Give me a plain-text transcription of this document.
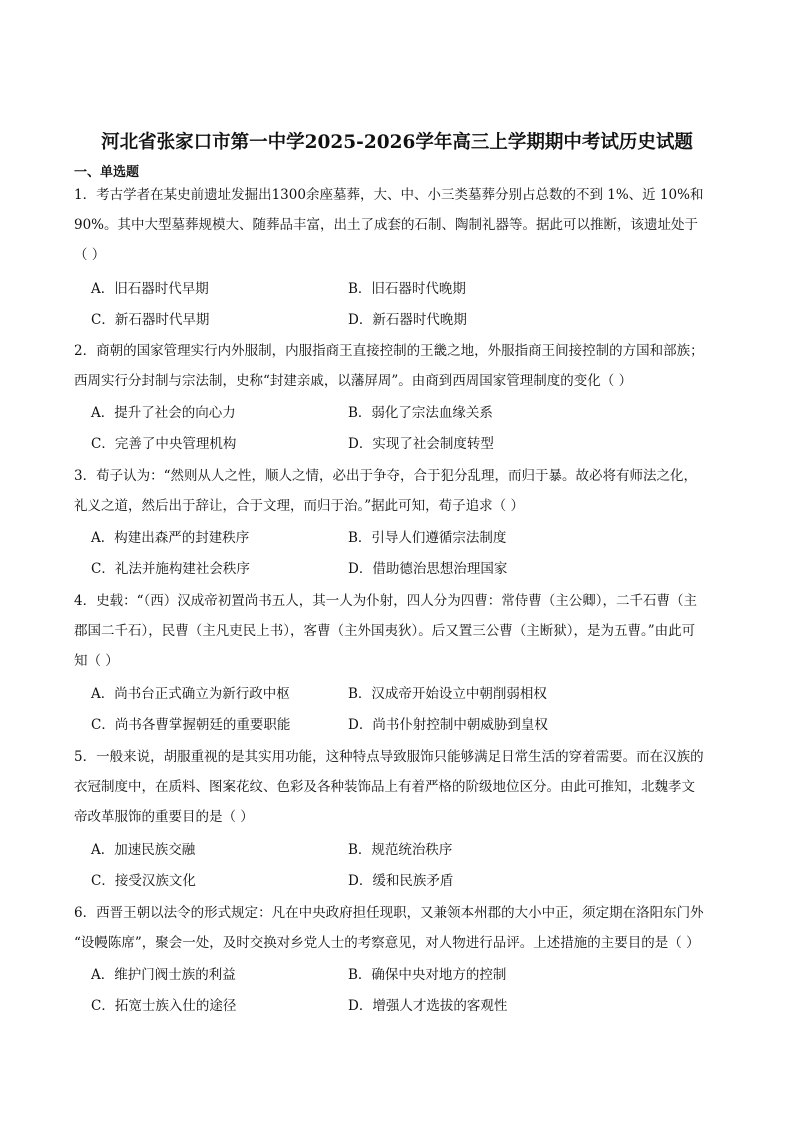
河北省张家口市第一中学2025-2026学年高三上学期期中考试历史试题
一、单选题
1．考古学者在某史前遗址发掘出1300余座墓葬，大、中、小三类墓葬分别占总数的不到 1%、近 10%和
90%。其中大型墓葬规模大、随葬品丰富，出土了成套的石制、陶制礼器等。据此可以推断，该遗址处于
（ ）
A．旧石器时代早期	B．旧石器时代晚期
C．新石器时代早期	D．新石器时代晚期
2．商朝的国家管理实行内外服制，内服指商王直接控制的王畿之地，外服指商王间接控制的方国和部族；
西周实行分封制与宗法制，史称“封建亲戚，以藩屏周”。由商到西周国家管理制度的变化（ ）
A．提升了社会的向心力	B．弱化了宗法血缘关系
C．完善了中央管理机构	D．实现了社会制度转型
3．荀子认为：“然则从人之性，顺人之情，必出于争夺，合于犯分乱理，而归于暴。故必将有师法之化，
礼义之道，然后出于辞让，合于文理，而归于治。”据此可知，荀子追求（ ）
A．构建出森严的封建秩序	B．引导人们遵循宗法制度
C．礼法并施构建社会秩序	D．借助德治思想治理国家
4．史载：“（西）汉成帝初置尚书五人，其一人为仆射，四人分为四曹：常侍曹（主公卿），二千石曹（主
郡国二千石），民曹（主凡吏民上书），客曹（主外国夷狄）。后又置三公曹（主断狱），是为五曹。”由此可
知（ ）
A．尚书台正式确立为新行政中枢	B．汉成帝开始设立中朝削弱相权
C．尚书各曹掌握朝廷的重要职能	D．尚书仆射控制中朝威胁到皇权
5．一般来说，胡服重视的是其实用功能，这种特点导致服饰只能够满足日常生活的穿着需要。而在汉族的
衣冠制度中，在质料、图案花纹、色彩及各种装饰品上有着严格的阶级地位区分。由此可推知，北魏孝文
帝改革服饰的重要目的是（ ）
A．加速民族交融	B．规范统治秩序
C．接受汉族文化	D．缓和民族矛盾
6．西晋王朝以法令的形式规定：凡在中央政府担任现职，又兼领本州郡的大小中正，须定期在洛阳东门外
“设幔陈席”，聚会一处，及时交换对乡党人士的考察意见，对人物进行品评。上述措施的主要目的是（ ）
A．维护门阀士族的利益	B．确保中央对地方的控制
C．拓宽士族入仕的途径	D．增强人才选拔的客观性
